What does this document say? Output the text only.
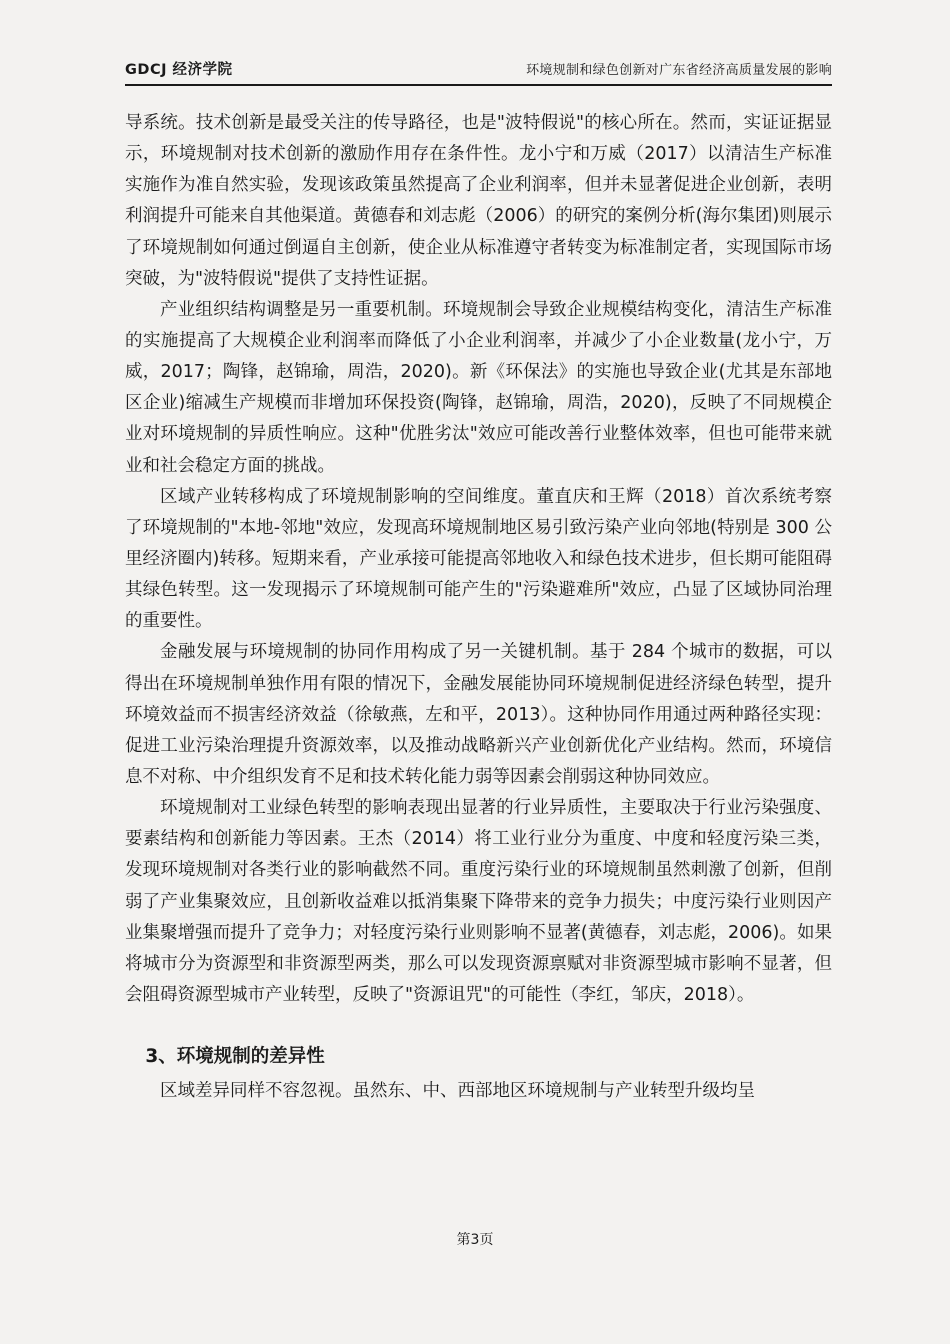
GDCJ 经济学院	环境规制和绿色创新对广东省经济高质量发展的影响

导系统。技术创新是最受关注的传导路径，也是"波特假说"的核心所在。然而，实证证据显示，环境规制对技术创新的激励作用存在条件性。龙小宁和万威（2017）以清洁生产标准实施作为准自然实验，发现该政策虽然提高了企业利润率，但并未显著促进企业创新，表明利润提升可能来自其他渠道。黄德春和刘志彪（2006）的研究的案例分析(海尔集团)则展示了环境规制如何通过倒逼自主创新，使企业从标准遵守者转变为标准制定者，实现国际市场突破，为"波特假说"提供了支持性证据。

产业组织结构调整是另一重要机制。环境规制会导致企业规模结构变化，清洁生产标准的实施提高了大规模企业利润率而降低了小企业利润率，并减少了小企业数量(龙小宁，万威，2017；陶锋，赵锦瑜，周浩，2020)。新《环保法》的实施也导致企业(尤其是东部地区企业)缩减生产规模而非增加环保投资(陶锋，赵锦瑜，周浩，2020)，反映了不同规模企业对环境规制的异质性响应。这种"优胜劣汰"效应可能改善行业整体效率，但也可能带来就业和社会稳定方面的挑战。

区域产业转移构成了环境规制影响的空间维度。董直庆和王辉（2018）首次系统考察了环境规制的"本地-邻地"效应，发现高环境规制地区易引致污染产业向邻地(特别是 300 公里经济圈内)转移。短期来看，产业承接可能提高邻地收入和绿色技术进步，但长期可能阻碍其绿色转型。这一发现揭示了环境规制可能产生的"污染避难所"效应，凸显了区域协同治理的重要性。

金融发展与环境规制的协同作用构成了另一关键机制。基于 284 个城市的数据，可以得出在环境规制单独作用有限的情况下，金融发展能协同环境规制促进经济绿色转型，提升环境效益而不损害经济效益（徐敏燕，左和平，2013）。这种协同作用通过两种路径实现：促进工业污染治理提升资源效率，以及推动战略新兴产业创新优化产业结构。然而，环境信息不对称、中介组织发育不足和技术转化能力弱等因素会削弱这种协同效应。

环境规制对工业绿色转型的影响表现出显著的行业异质性，主要取决于行业污染强度、要素结构和创新能力等因素。王杰（2014）将工业行业分为重度、中度和轻度污染三类，发现环境规制对各类行业的影响截然不同。重度污染行业的环境规制虽然刺激了创新，但削弱了产业集聚效应，且创新收益难以抵消集聚下降带来的竞争力损失；中度污染行业则因产业集聚增强而提升了竞争力；对轻度污染行业则影响不显著(黄德春，刘志彪，2006)。如果将城市分为资源型和非资源型两类，那么可以发现资源禀赋对非资源型城市影响不显著，但会阻碍资源型城市产业转型，反映了"资源诅咒"的可能性（李红，邹庆，2018）。

3、环境规制的差异性

区域差异同样不容忽视。虽然东、中、西部地区环境规制与产业转型升级均呈

第3页
